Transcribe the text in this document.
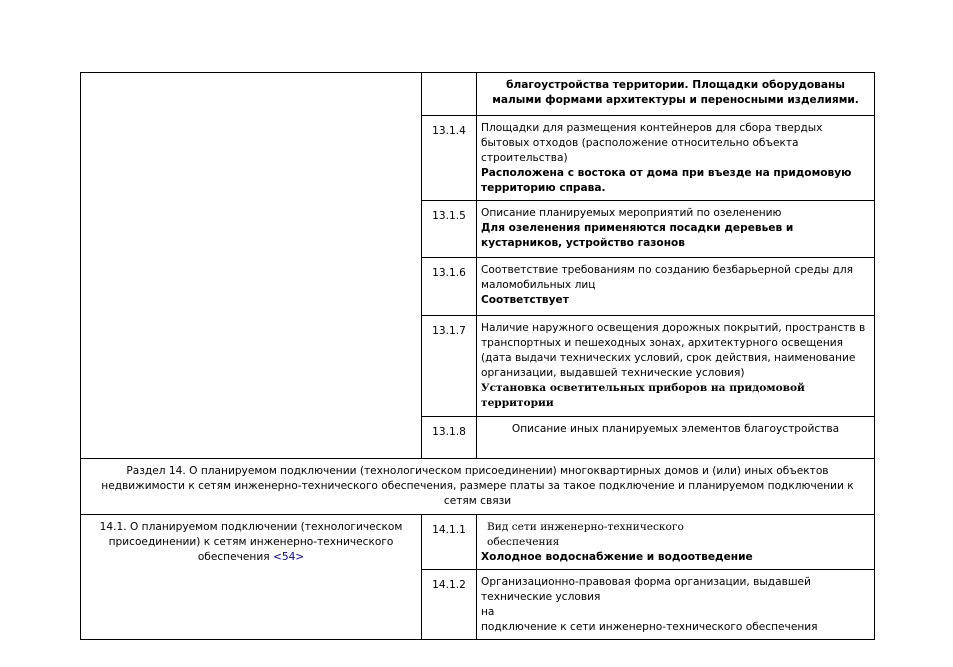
		благоустройства территории. Площадки оборудованы малыми формами архитектуры и переносными изделиями.

	13.1.4	Площадки для размещения контейнеров для сбора твердых бытовых отходов (расположение относительно объекта строительства)
Расположена с востока от дома при въезде на придомовую территорию справа.

	13.1.5	Описание планируемых мероприятий по озеленению
Для озеленения применяются посадки деревьев и кустарников, устройство газонов

	13.1.6	Соответствие требованиям по созданию безбарьерной среды для маломобильных лиц
Соответствует

	13.1.7	Наличие наружного освещения дорожных покрытий, пространств в транспортных и пешеходных зонах, архитектурного освещения (дата выдачи технических условий, срок действия, наименование организации, выдавшей технические условия)
Установка осветительных приборов на придомовой территории

	13.1.8	Описание иных планируемых элементов благоустройства

Раздел 14. О планируемом подключении (технологическом присоединении) многоквартирных домов и (или) иных объектов недвижимости к сетям инженерно-технического обеспечения, размере платы за такое подключение и планируемом подключении к сетям связи		
14.1. О планируемом подключении (технологическом присоединении) к сетям инженерно-технического обеспечения <54>	14.1.1	Вид сети инженерно-технического
обеспечения
Холодное водоснабжение и водоотведение

	14.1.2	Организационно-правовая форма организации, выдавшей технические условия
на
подключение к сети инженерно-технического обеспечения
